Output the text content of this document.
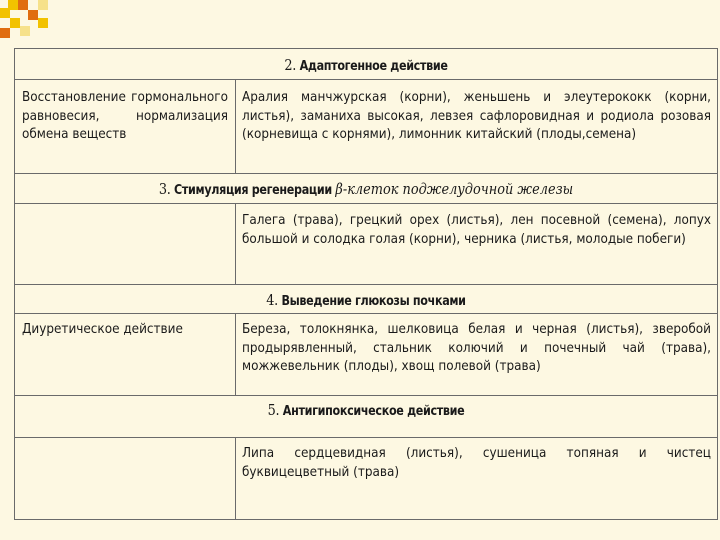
2. Адаптогенное действие
Восстановление гормонального равновесия, нормализация обмена веществ
Аралия манчжурская (корни), женьшень и элеутерококк (корни, листья), заманиха высокая, левзея сафлоровидная и родиола розовая (корневища с корнями), лимонник китайский (плоды,семена)
3. Стимуляция регенерации β-клеток поджелудочной железы
Галега (трава), грецкий орех (листья), лен посевной (семена), лопух большой и солодка голая (корни), черника (листья, молодые побеги)
4. Выведение глюкозы почками
Диуретическое действие	Береза, толокнянка, шелковица белая и черная (листья), зверобой продырявленный, стальник колючий и почечный чай (трава), можжевельник (плоды), хвощ полевой (трава)
5. Антигипоксическое действие
Липа сердцевидная (листья), сушеница топяная и чистец буквицецветный (трава)
